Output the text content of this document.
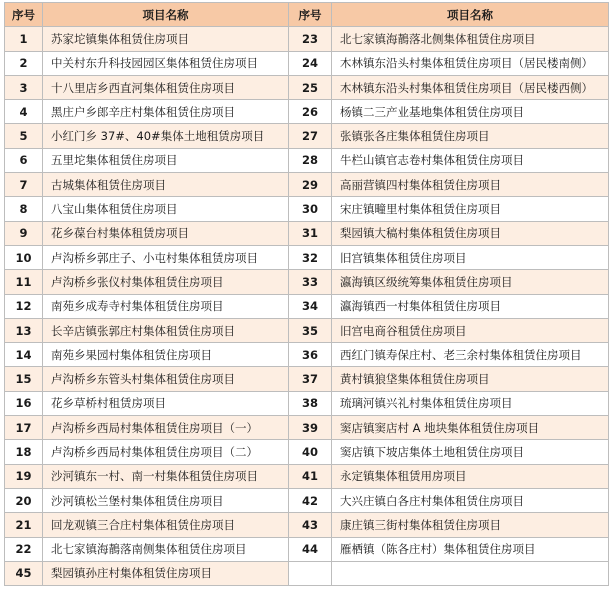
序号	项目名称	序号	项目名称
1	苏家坨镇集体租赁住房项目	23	北七家镇海鶄落北侧集体租赁住房项目
2	中关村东升科技园园区集体租赁住房项目	24	木林镇东沿头村集体租赁住房项目（居民楼南侧）
3	十八里店乡西直河集体租赁住房项目	25	木林镇东沿头村集体租赁住房项目（居民楼西侧）
4	黑庄户乡郎辛庄村集体租赁住房项目	26	杨镇二三产业基地集体租赁住房项目
5	小红门乡 37#、40#集体土地租赁房项目	27	张镇张各庄集体租赁住房项目
6	五里坨集体租赁住房项目	28	牛栏山镇官志卷村集体租赁住房项目
7	古城集体租赁住房项目	29	高丽营镇四村集体租赁住房项目
8	八宝山集体租赁住房项目	30	宋庄镇疃里村集体租赁住房项目
9	花乡葆台村集体租赁房项目	31	梨园镇大稿村集体租赁住房项目
10	卢沟桥乡郭庄子、小屯村集体租赁房项目	32	旧宫镇集体租赁住房项目
11	卢沟桥乡张仪村集体租赁住房项目	33	瀛海镇区级统筹集体租赁住房项目
12	南苑乡成寿寺村集体租赁住房项目	34	瀛海镇西一村集体租赁住房项目
13	长辛店镇张郭庄村集体租赁住房项目	35	旧宫电商谷租赁住房项目
14	南苑乡果园村集体租赁住房项目	36	西红门镇寿保庄村、老三余村集体租赁住房项目
15	卢沟桥乡东管头村集体租赁住房项目	37	黄村镇狼垡集体租赁住房项目
16	花乡草桥村租赁房项目	38	琉璃河镇兴礼村集体租赁住房项目
17	卢沟桥乡西局村集体租赁住房项目（一）	39	窦店镇窦店村 A 地块集体租赁住房项目
18	卢沟桥乡西局村集体租赁住房项目（二）	40	窦店镇下坡店集体土地租赁住房项目
19	沙河镇东一村、南一村集体租赁住房项目	41	永定镇集体租赁用房项目
20	沙河镇松兰堡村集体租赁住房项目	42	大兴庄镇白各庄村集体租赁住房项目
21	回龙观镇三合庄村集体租赁住房项目	43	康庄镇三街村集体租赁住房项目
22	北七家镇海鶄落南侧集体租赁住房项目	44	雁栖镇（陈各庄村）集体租赁住房项目
45	梨园镇孙庄村集体租赁住房项目		
